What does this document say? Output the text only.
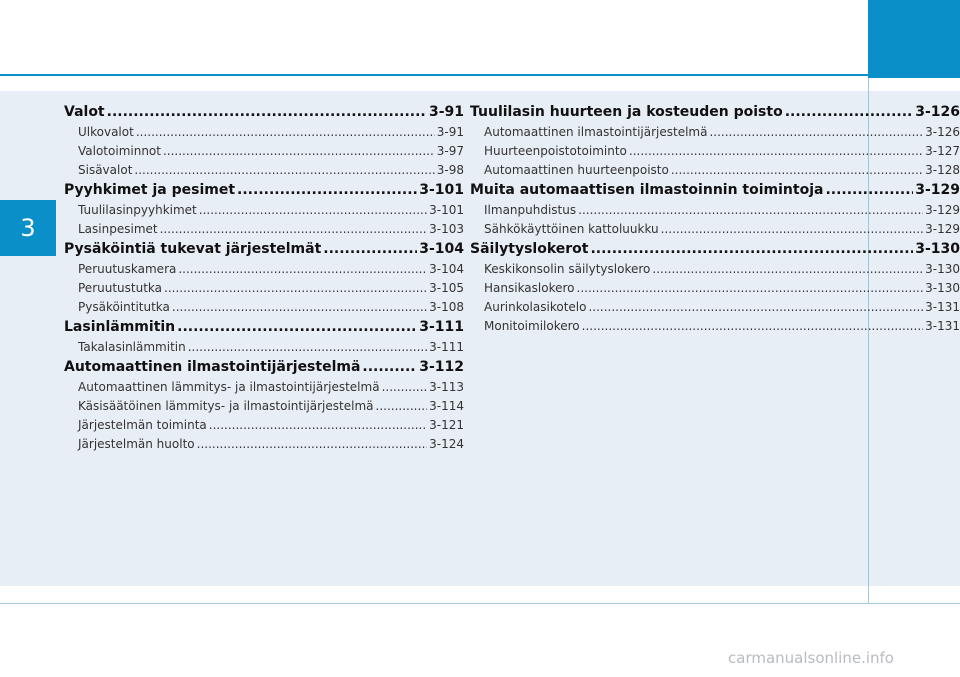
3
Valot .....	3-91
Ulkovalot .....	3-91
Valotoiminnot .....	3-97
Sisävalot .....	3-98
Pyyhkimet ja pesimet .....	3-101
Tuulilasinpyyhkimet .....	3-101
Lasinpesimet .....	3-103
Pysäköintiä tukevat järjestelmät .....	3-104
Peruutuskamera .....	3-104
Peruutustutka .....	3-105
Pysäköintitutka .....	3-108
Lasinlämmitin .....	3-111
Takalasinlämmitin .....	3-111
Automaattinen ilmastointijärjestelmä .....	3-112
Automaattinen lämmitys- ja ilmastointijärjestelmä .....	3-113
Käsisäätöinen lämmitys- ja ilmastointijärjestelmä .....	3-114
Järjestelmän toiminta .....	3-121
Järjestelmän huolto .....	3-124
Tuulilasin huurteen ja kosteuden poisto .....	3-126
Automaattinen ilmastointijärjestelmä .....	3-126
Huurteenpoistotoiminto .....	3-127
Automaattinen huurteenpoisto .....	3-128
Muita automaattisen ilmastoinnin toimintoja .....	3-129
Ilmanpuhdistus .....	3-129
Sähkökäyttöinen kattoluukku .....	3-129
Säilytyslokerot .....	3-130
Keskikonsolin säilytyslokero .....	3-130
Hansikaslokero .....	3-130
Aurinkolasikotelo .....	3-131
Monitoimilokero .....	3-131
carmanualsonline.info
